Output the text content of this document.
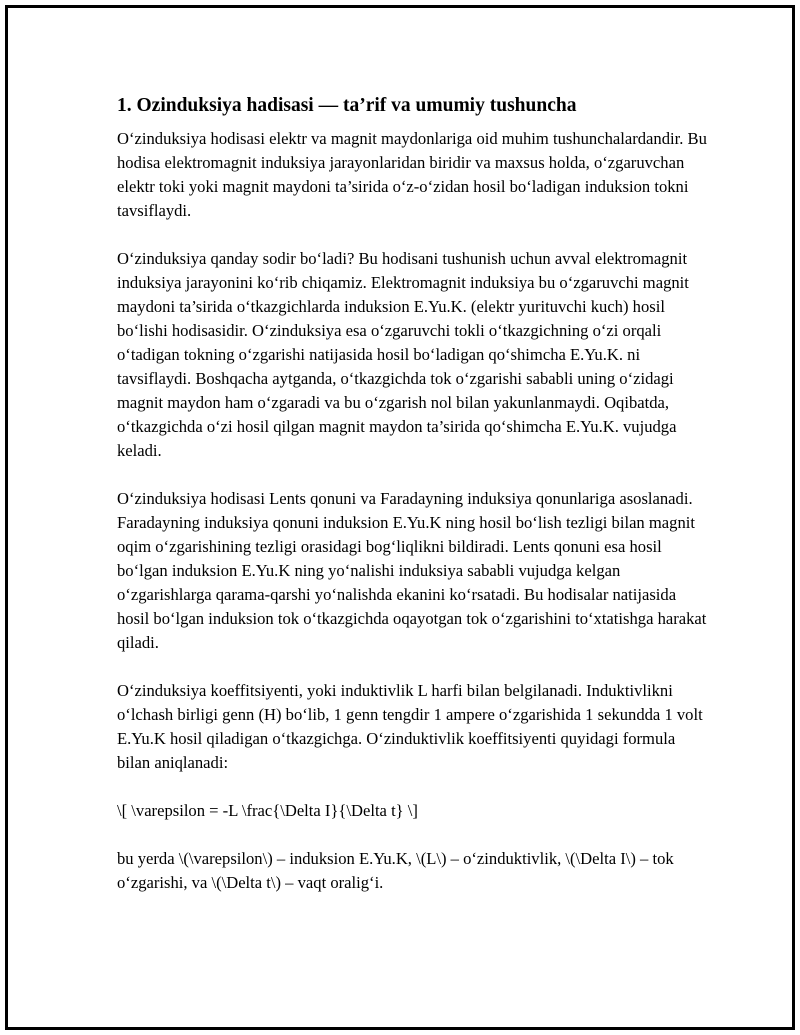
1. Ozinduksiya hadisasi — ta’rif va umumiy tushuncha

O‘zinduksiya hodisasi elektr va magnit maydonlariga oid muhim tushunchalardandir. Bu hodisa elektromagnit induksiya jarayonlaridan biridir va maxsus holda, o‘zgaruvchan elektr toki yoki magnit maydoni ta’sirida o‘z-o‘zidan hosil bo‘ladigan induksion tokni tavsiflaydi.

O‘zinduksiya qanday sodir bo‘ladi? Bu hodisani tushunish uchun avval elektromagnit induksiya jarayonini ko‘rib chiqamiz. Elektromagnit induksiya bu o‘zgaruvchi magnit maydoni ta’sirida o‘tkazgichlarda induksion E.Yu.K. (elektr yurituvchi kuch) hosil bo‘lishi hodisasidir. O‘zinduksiya esa o‘zgaruvchi tokli o‘tkazgichning o‘zi orqali o‘tadigan tokning o‘zgarishi natijasida hosil bo‘ladigan qo‘shimcha E.Yu.K. ni tavsiflaydi. Boshqacha aytganda, o‘tkazgichda tok o‘zgarishi sababli uning o‘zidagi magnit maydon ham o‘zgaradi va bu o‘zgarish nol bilan yakunlanmaydi. Oqibatda, o‘tkazgichda o‘zi hosil qilgan magnit maydon ta’sirida qo‘shimcha E.Yu.K. vujudga keladi.

O‘zinduksiya hodisasi Lents qonuni va Faradayning induksiya qonunlariga asoslanadi. Faradayning induksiya qonuni induksion E.Yu.K ning hosil bo‘lish tezligi bilan magnit oqim o‘zgarishining tezligi orasidagi bog‘liqlikni bildiradi. Lents qonuni esa hosil bo‘lgan induksion E.Yu.K ning yo‘nalishi induksiya sababli vujudga kelgan o‘zgarishlarga qarama-qarshi yo‘nalishda ekanini ko‘rsatadi. Bu hodisalar natijasida hosil bo‘lgan induksion tok o‘tkazgichda oqayotgan tok o‘zgarishini to‘xtatishga harakat qiladi.

O‘zinduksiya koeffitsiyenti, yoki induktivlik L harfi bilan belgilanadi. Induktivlikni o‘lchash birligi genn (H) bo‘lib, 1 genn tengdir 1 ampere o‘zgarishida 1 sekundda 1 volt E.Yu.K hosil qiladigan o‘tkazgichga. O‘zinduktivlik koeffitsiyenti quyidagi formula bilan aniqlanadi:

\[ \varepsilon = -L \frac{\Delta I}{\Delta t} \]

bu yerda \(\varepsilon\) – induksion E.Yu.K, \(L\) – o‘zinduktivlik, \(\Delta I\) – tok o‘zgarishi, va \(\Delta t\) – vaqt oralig‘i.
